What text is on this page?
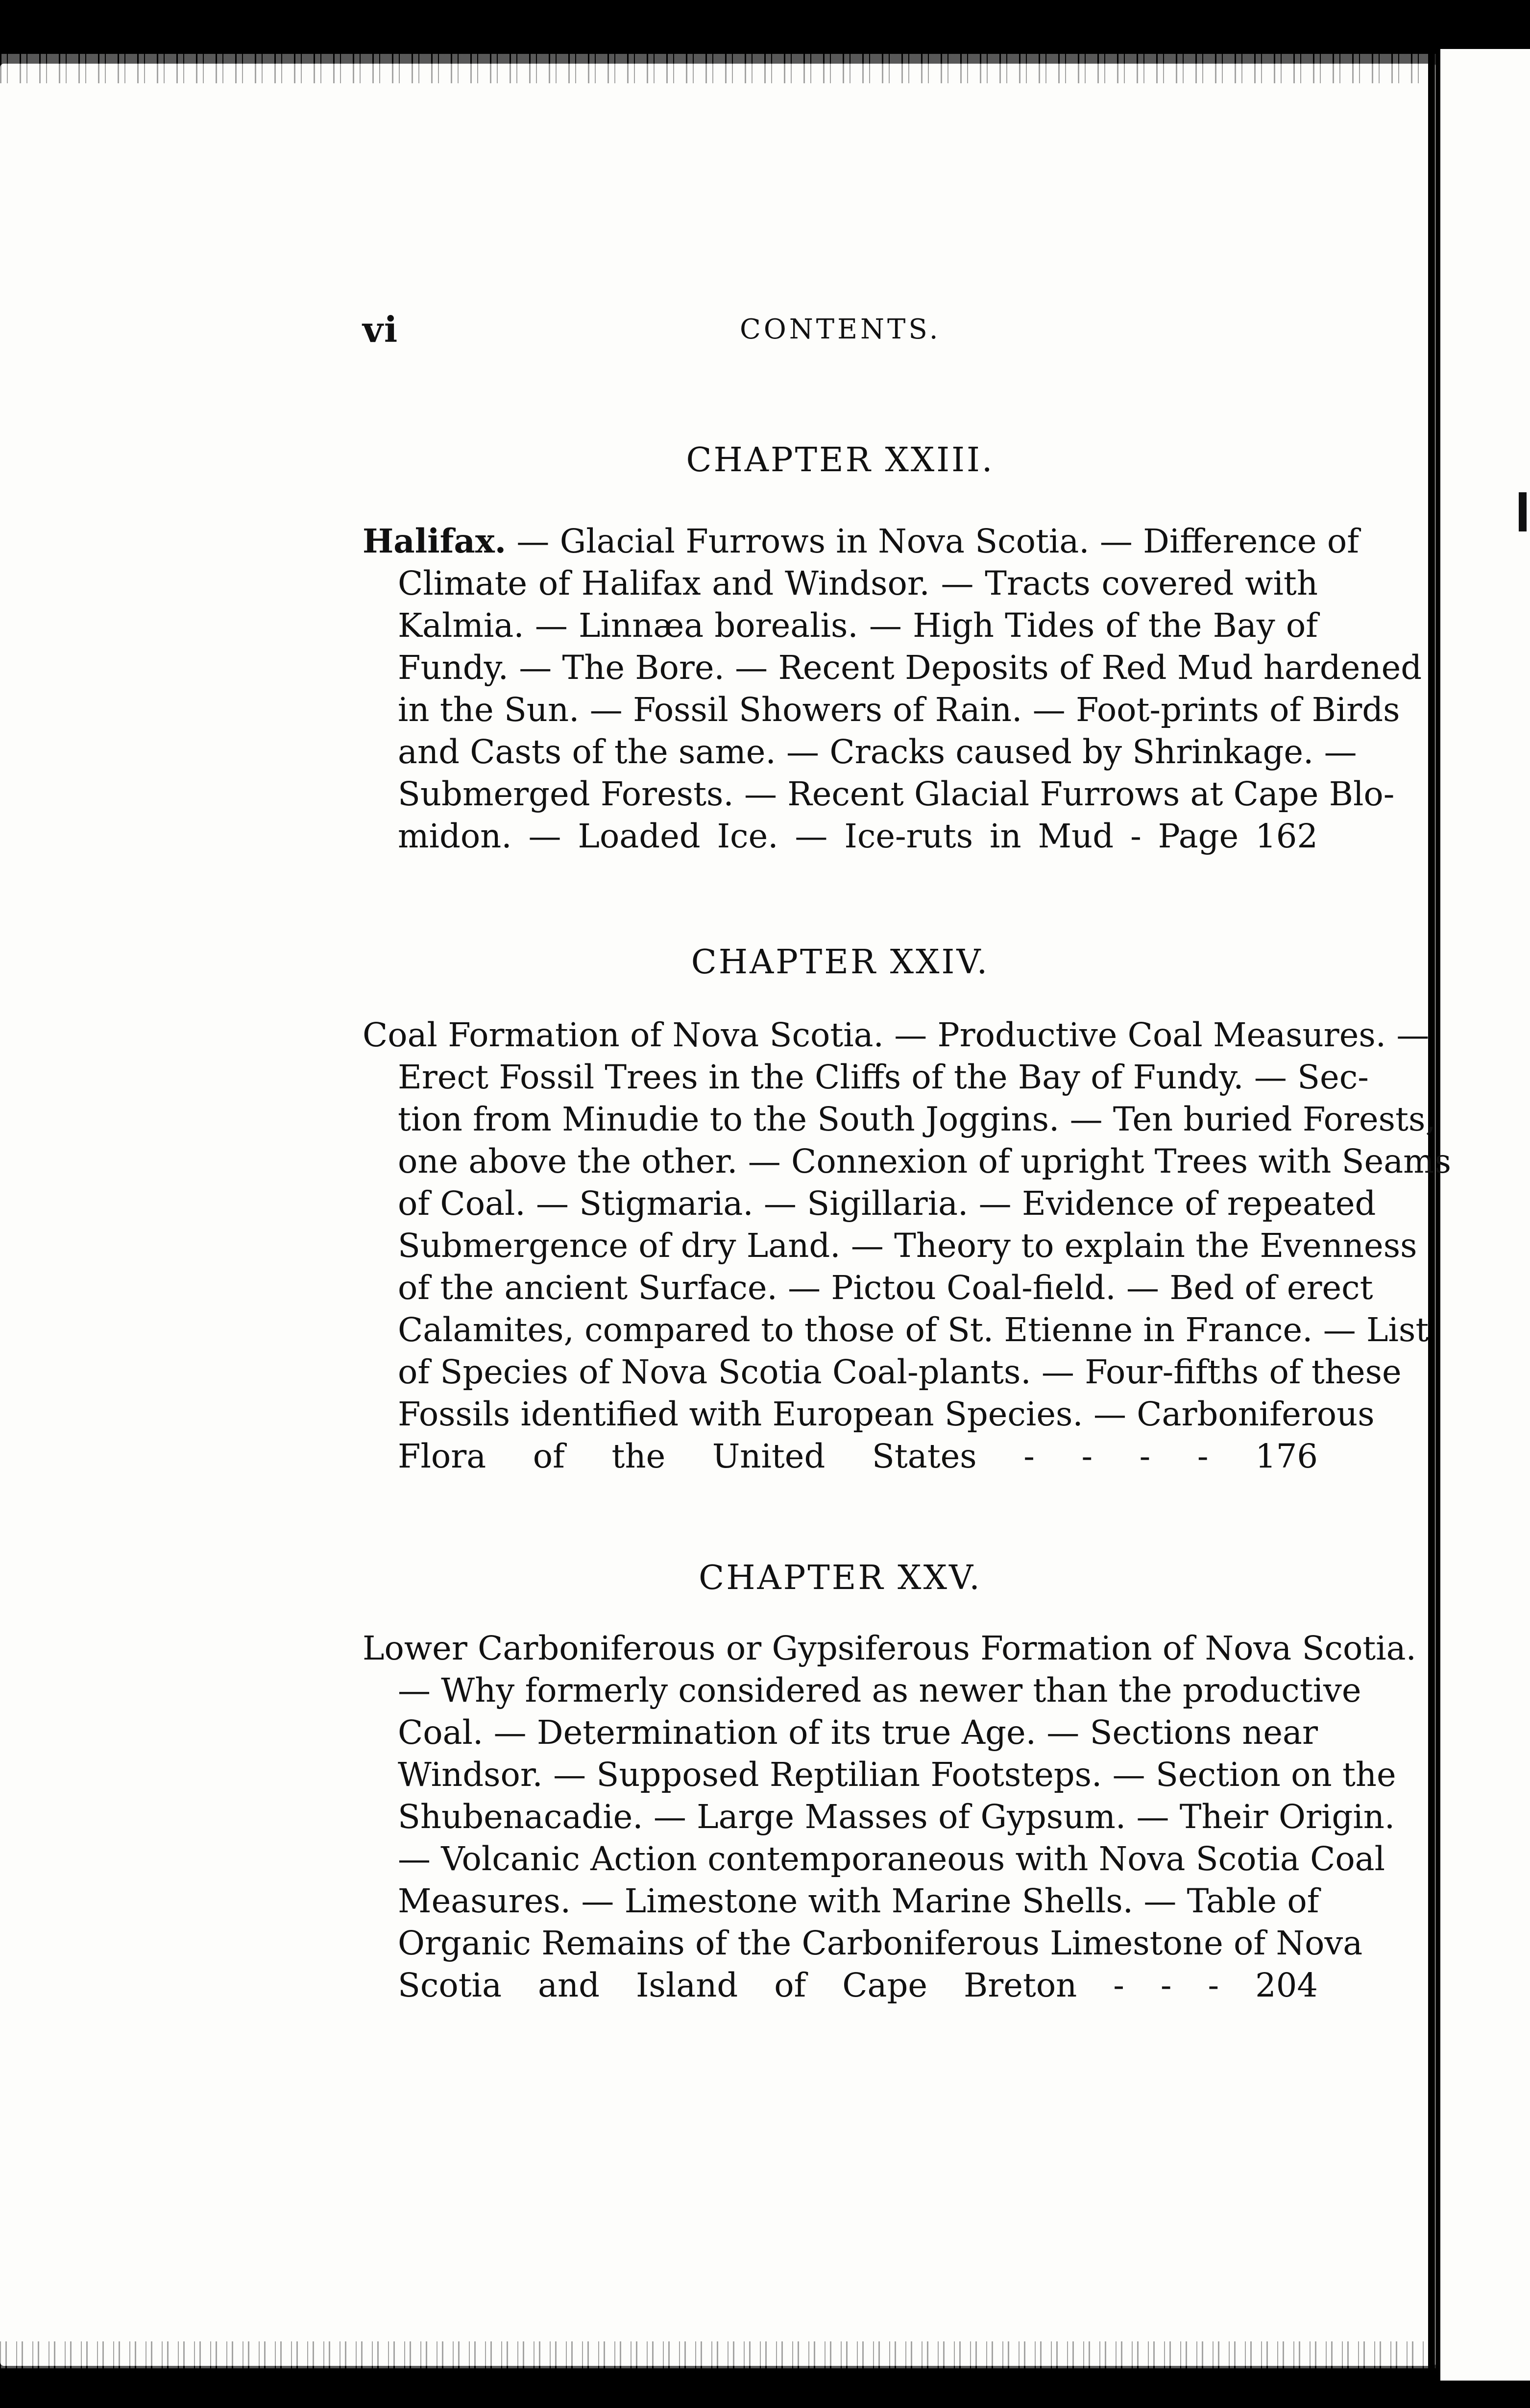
vi	CONTENTS.
CHAPTER XXIII.
Halifax. — Glacial Furrows in Nova Scotia. — Difference of
Climate of Halifax and Windsor. — Tracts covered with
Kalmia. — Linnæa borealis. — High Tides of the Bay of
Fundy. — The Bore. — Recent Deposits of Red Mud hardened
in the Sun. — Fossil Showers of Rain. — Foot-prints of Birds
and Casts of the same. — Cracks caused by Shrinkage. —
Submerged Forests. — Recent Glacial Furrows at Cape Blo-
midon. — Loaded Ice. — Ice-ruts in Mud - Page 162
CHAPTER XXIV.
Coal Formation of Nova Scotia. — Productive Coal Measures. —
Erect Fossil Trees in the Cliffs of the Bay of Fundy. — Sec-
tion from Minudie to the South Joggins. — Ten buried Forests,
one above the other. — Connexion of upright Trees with Seams
of Coal. — Stigmaria. — Sigillaria. — Evidence of repeated
Submergence of dry Land. — Theory to explain the Evenness
of the ancient Surface. — Pictou Coal-field. — Bed of erect
Calamites, compared to those of St. Etienne in France. — List
of Species of Nova Scotia Coal-plants. — Four-fifths of these
Fossils identified with European Species. — Carboniferous
Flora of the United States - - - - 176
CHAPTER XXV.
Lower Carboniferous or Gypsiferous Formation of Nova Scotia.
— Why formerly considered as newer than the productive
Coal. — Determination of its true Age. — Sections near
Windsor. — Supposed Reptilian Footsteps. — Section on the
Shubenacadie. — Large Masses of Gypsum. — Their Origin.
— Volcanic Action contemporaneous with Nova Scotia Coal
Measures. — Limestone with Marine Shells. — Table of
Organic Remains of the Carboniferous Limestone of Nova
Scotia and Island of Cape Breton - - - 204
